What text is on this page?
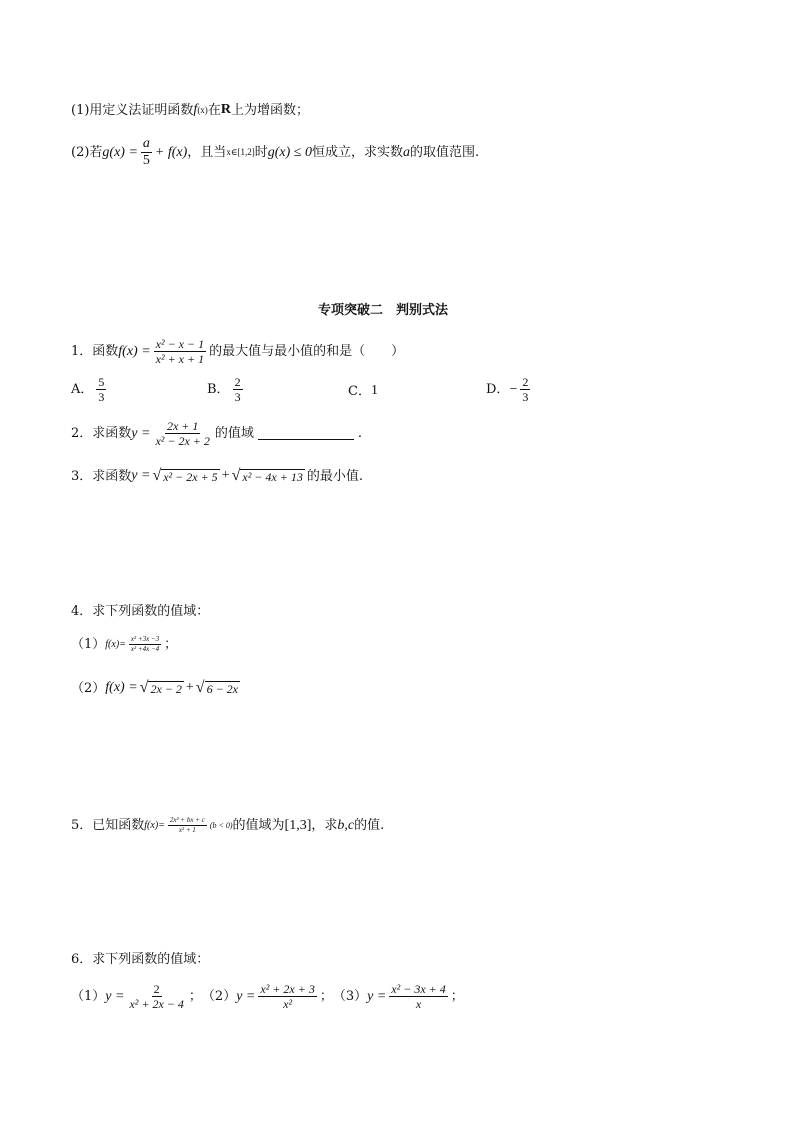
(1)用定义法证明函数 f (x) 在 R 上为增函数；
(2)若 $g(x) = \frac{a}{5} + f(x)$ ，且当 x∈[1,2] 时 g(x) ≤ 0 恒成立，求实数 a 的取值范围.
专项突破二　判别式法
1．函数 $f(x) = \frac{\text{x² − x − 1}}{\text{x² + x + 1}}$ 的最大值与最小值的和是（　　）
A． $\frac{5}{3}$	B． $\frac{2}{3}$	C． 1	D． − $\frac{2}{3}$
2．求函数 $y = \frac{2x + 1}{\text{x² − 2x + 2}}$ 的值域	.
3．求函数 y = √ x² − 2x + 5 + √ x² − 4x + 13 的最小值.
4．求下列函数的值域：
（1） $f(x)= \frac{\text{x² +3x −3}}{\text{x² +4x −4}}$ ；
（2） f(x) = √ 2x − 2 + √ 6 − 2x
5．已知函数 $f(x)= \frac{\text{2x² + bx + c}}{\text{x² + 1}} (b < 0)$ 的值域为 [1,3] ，求 b,c 的值.
6．求下列函数的值域：
（1） $y = \frac{2}{\text{x² + 2x − 4}}$ ； （2） $y = \frac{\text{x² + 2x + 3}}{\text{x²}}$ ； （3） $y = \frac{\text{x² − 3x + 4}}{x}$ ；
